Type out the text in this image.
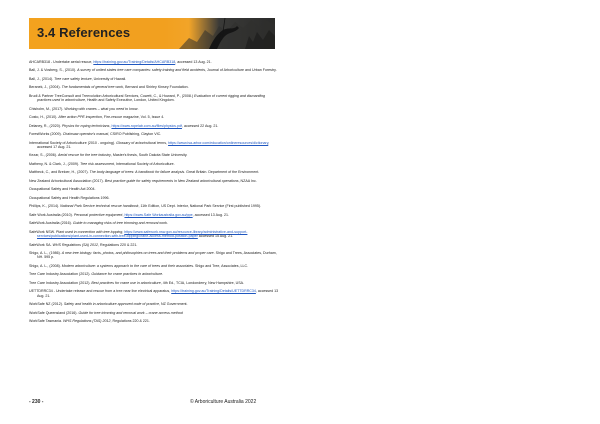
3.4 References

AHCARB318 - Undertake aerial rescue, https://training.gov.au/Training/Details/AHCARB318, accessed 13 Aug. 21.

Ball, J. & Vosberg, S., (2010). A survey of united states tree care companies: safety training and field accidents, Journal of Arboriculture and Urban Forestry.

Ball, J., (2014). Tree care safety lecture, University of Hawaii.

Beranek, J., (2004). The fundamentals of general tree work, Bernard and Shirley Kinsey Foundation.

Brudi & Partner TreeConsult and Treevolution Arboricultural Services, Cowett, C., & Howard, P., (2008.) Evaluation of current rigging and dismantling practices used in arboriculture, Health and Safety Executive, London, United Kingdom.

Chisholm, M., (2017). Working with cranes – what you need to know.

Costo, H., (2010). After action PPE inspection, Fire-rescue magazine, Vol. 5, Issue 4.

Delaney, R., (2020). Physics for roping technicians, https://www.ropelab.com.au/files/physics.pdf, accessed 22 Aug. 21.

ForestWorks (2009). Chainsaw operator's manual, CSIRO Publishing, Clayton VIC.

International Society of Arboriculture (2010 - ongoing). Glossary of arboricultural terms, https://www.isa-arbor.com/education/onlineresources/dictionary, accessed 17 Aug. 21.

Kezar, S., (2006). Aerial rescue for the tree industry, Master's thesis, South Dakota State University.

Matheny, N. & Clark, J., (2009). Tree risk assessment, International Society of Arboriculture.

Mattheck, C., and Breloer, H., (2007). The body language of trees: A handbook for failure analysis. Great Britain. Department of the Environment.

New Zealand Arboricultural Association (2017). Best practice guide for safety requirements in New Zealand arboricultural operations, NZAA Inc.

Occupational Safety and Health Act 2004.

Occupational Safety and Health Regulations 1996.

Phillips, K., (2014). National Park Service technical rescue handbook, 11th Edition, US Dept. Interior, National Park Service (First published 1995).

Safe Work Australia (2010). Personal protective equipment, https://www.Safe Workaustralia.gov.au/ppe, accessed 13 Aug. 21.

SafeWork Australia (2016). Guide to managing risks of tree trimming and removal work.

SafeWork NSW. Plant used in connection with tree lopping, https://www.safework.nsw.gov.au/resource-library/administrative-and-support-services/publications/plant-used-in-connection-with-tree-lopping/crane-access-method-position-paper accessed 15 Aug. 21.

SafeWork SA. WHS Regulations (SA) 2012, Regulations 220 & 221.

Shigo, A. L., (1986). A new tree biology: facts, photos, and philosophies on trees and their problems and proper care. Shigo and Trees, Associates, Durham, NH. 595 p.

Shigo, A. L., (2008). Modern arboriculture: a systems approach to the care of trees and their associates. Shigo and Tree, Associates, LLC.

Tree Care Industry Association (2012). Guidance for crane practices in arboriculture.

Tree Care Industry Association (2012). Best practices for crane use in arboriculture, 4th Ed., TCIA, Londonderry, New Hampshire, USA.

UETTDRRC34 - Undertake release and rescue from a tree near live electrical apparatus, https://training.gov.au/Training/Details/UETTDRRC34, accessed 13 Aug. 21.

WorkSafe NZ (2012). Safety and health in arboriculture approved code of practice, NZ Government.

WorkSafe Queensland (2016). Guide for tree trimming and removal work – crane access method

WorkSafe Tasmania. WHS Regulations (TAS) 2012, Regulations 220 & 221.

- 230 -	© Arboriculture Australia 2022
